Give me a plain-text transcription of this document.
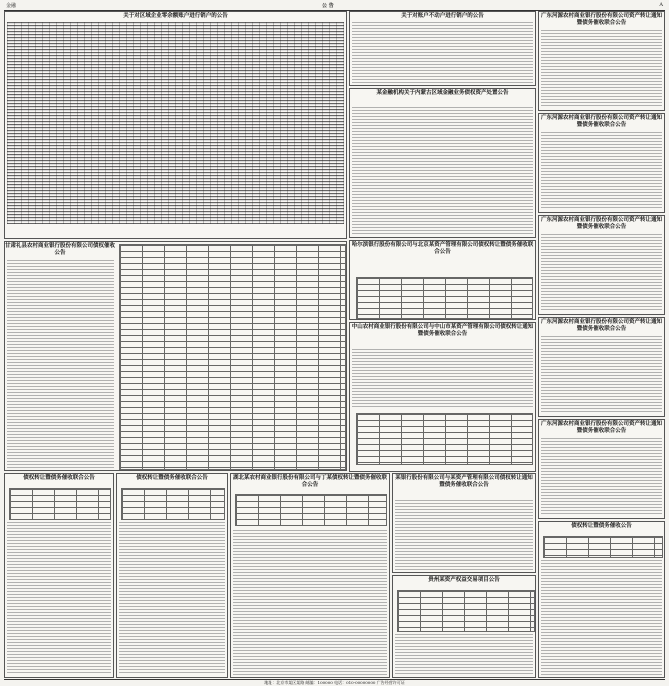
金融	公 告	A
关于对区域企业零余额账户进行销户的公告	关于对账户不动户进行销户的公告
某金融机构关于内蒙古区域金融业务债权资产处置公告
广东河源农村商业银行股份有限公司资产转让通知暨债务催收联合公告
广东河源农村商业银行股份有限公司资产转让通知暨债务催收联合公告
广东河源农村商业银行股份有限公司资产转让通知暨债务催收联合公告
广东河源农村商业银行股份有限公司资产转让通知暨债务催收联合公告
广东河源农村商业银行股份有限公司资产转让通知暨债务催收联合公告
甘肃礼县农村商业银行股份有限公司债权催收公告
哈尔滨银行股份有限公司与北京某资产管理有限公司债权转让暨债务催收联合公告
中山农村商业银行股份有限公司与中山市某资产管理有限公司债权转让通知暨债务催收联合公告
债权转让暨债务催收联合公告	债权转让暨债务催收联合公告	湖北某农村商业银行股份有限公司与丁某债权转让暨债务催收联合公告
某银行股份有限公司与某资产管理有限公司债权转让通知暨债务催收联合公告
贵州某资产权益交易项目公告
债权转让暨债务催收公告
地址：北京市某区某路 邮编：100000 电话：010-00000000 广告经营许可证
